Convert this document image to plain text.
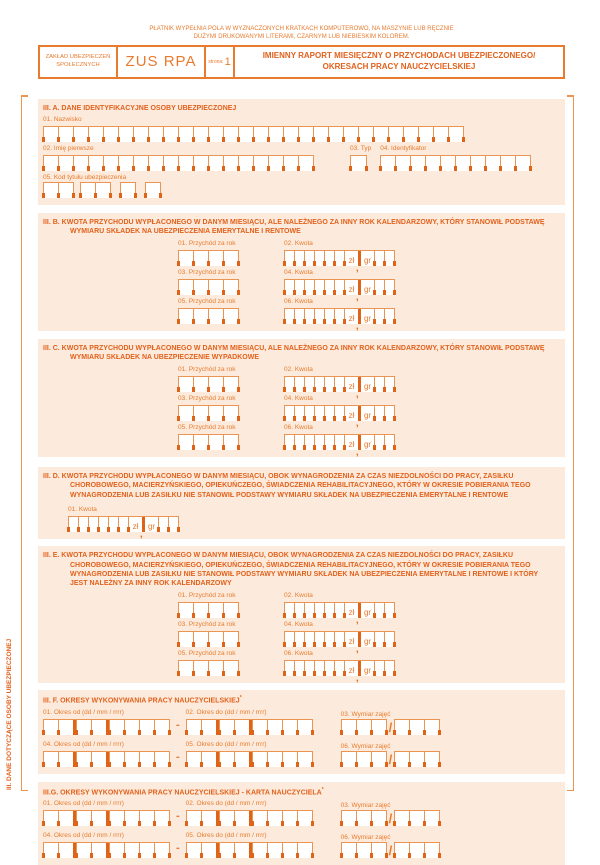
III. DANE DOTYCZĄCE OSOBY UBEZPIECZONEJ
PŁATNIK WYPEŁNIA POLA W WYZNACZONYCH KRATKACH KOMPUTEROWO, NA MASZYNIE LUB RĘCZNIE
DUŻYMI DRUKOWANYMI LITERAMI, CZARNYM LUB NIEBIESKIM KOLOREM.
ZAKŁAD UBEZPIECZEŃ
SPOŁECZNYCH	ZUS RPA	strona: 1	IMIENNY RAPORT MIESIĘCZNY O PRZYCHODACH UBEZPIECZONEGO/
OKRESACH PRACY NAUCZYCIELSKIEJ
III. A. DANE IDENTYFIKACYJNE OSOBY UBEZPIECZONEJ
01. Nazwisko
02. Imię pierwsze	03. Typ 04. Identyfikator
05. Kod tytułu ubezpieczenia
III. B. KWOTA PRZYCHODU WYPŁACONEGO W DANYM MIESIĄCU, ALE NALEŻNEGO ZA INNY ROK KALENDARZOWY, KTÓRY STANOWIŁ PODSTAWĘ WYMIARU SKŁADEK NA UBEZPIECZENIA EMERYTALNE I RENTOWE
01. Przychód za rok	02. Kwota
zł
,
gr
03. Przychód za rok	04. Kwota
zł
,
gr
05. Przychód za rok	06. Kwota
zł
,
gr
III. C. KWOTA PRZYCHODU WYPŁACONEGO W DANYM MIESIĄCU, ALE NALEŻNEGO ZA INNY ROK KALENDARZOWY, KTÓRY STANOWIŁ PODSTAWĘ WYMIARU SKŁADEK NA UBEZPIECZENIE WYPADKOWE
01. Przychód za rok	02. Kwota
zł
,
gr
03. Przychód za rok	04. Kwota
zł
,
gr
05. Przychód za rok	06. Kwota
zł
,
gr
III. D. KWOTA PRZYCHODU WYPŁACONEGO W DANYM MIESIĄCU, OBOK WYNAGRODZENIA ZA CZAS NIEZDOLNOŚCI DO PRACY, ZASIŁKU CHOROBOWEGO, MACIERZYŃSKIEGO, OPIEKUŃCZEGO, ŚWIADCZENIA REHABILITACYJNEGO, KTÓRY W OKRESIE POBIERANIA TEGO WYNAGRODZENIA LUB ZASIŁKU NIE STANOWIŁ PODSTAWY WYMIARU SKŁADEK NA UBEZPIECZENIA EMERYTALNE I RENTOWE
01. Kwota
zł
,
gr
III. E. KWOTA PRZYCHODU WYPŁACONEGO W DANYM MIESIĄCU, OBOK WYNAGRODZENIA ZA CZAS NIEZDOLNOŚCI DO PRACY, ZASIŁKU CHOROBOWEGO, MACIERZYŃSKIEGO, OPIEKUŃCZEGO, ŚWIADCZENIA REHABILITACYJNEGO, KTÓRY W OKRESIE POBIERANIA TEGO WYNAGRODZENIA LUB ZASIŁKU NIE STANOWIŁ PODSTAWY WYMIARU SKŁADEK NA UBEZPIECZENIA EMERYTALNE I RENTOWE I KTÓRY JEST NALEŻNY ZA INNY ROK KALENDARZOWY
01. Przychód za rok	02. Kwota
zł
,
gr
03. Przychód za rok	04. Kwota
zł
,
gr
05. Przychód za rok	06. Kwota
zł
,
gr
III. F. OKRESY WYKONYWANIA PRACY NAUCZYCIELSKIEJ*
01. Okres od (dd / mm / rrrr)
-
02. Okres do (dd / mm / rrrr)	03. Wymiar zajęć
/
04. Okres od (dd / mm / rrrr)
-
05. Okres do (dd / mm / rrrr)	06. Wymiar zajęć
/
III.G. OKRESY WYKONYWANIA PRACY NAUCZYCIELSKIEJ - KARTA NAUCZYCIELA*
01. Okres od (dd / mm / rrrr)
-
02. Okres do (dd / mm / rrrr)	03. Wymiar zajęć
/
04. Okres od (dd / mm / rrrr)
-
05. Okres do (dd / mm / rrrr)	06. Wymiar zajęć
/
